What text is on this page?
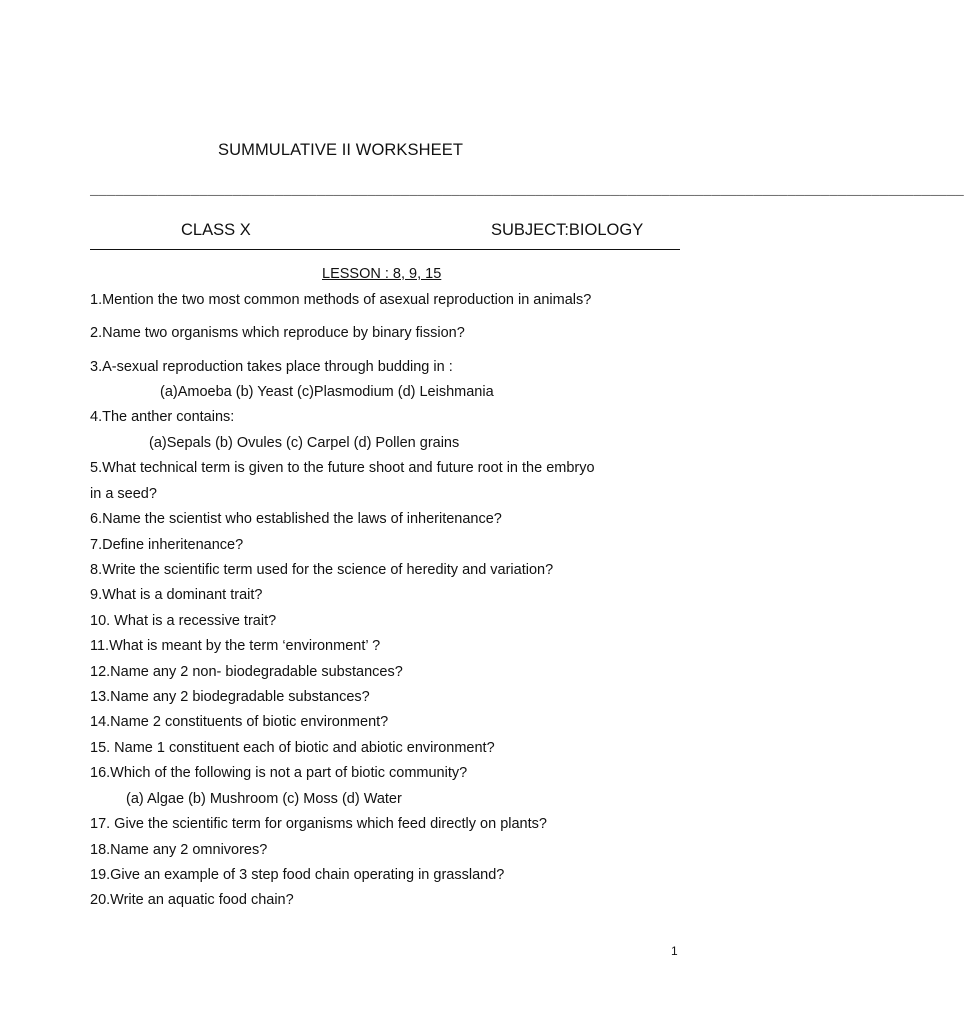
SUMMULATIVE II WORKSHEET
________________________________________________________________________________________________________
CLASS X	SUBJECT:BIOLOGY
LESSON : 8, 9, 15
1.Mention the two most common methods of asexual reproduction in animals?
2.Name two organisms which reproduce by binary fission?
3.A-sexual reproduction takes place through budding in :
(a)Amoeba (b) Yeast (c)Plasmodium (d) Leishmania
4.The anther contains:
(a)Sepals (b) Ovules (c) Carpel (d) Pollen grains
5.What technical term is given to the future shoot and future root in the embryo
in a seed?
6.Name the scientist who established the laws of inheritenance?
7.Define inheritenance?
8.Write the scientific term used for the science of heredity and variation?
9.What is a dominant trait?
10. What is a recessive trait?
11.What is meant by the term ‘environment’ ?
12.Name any 2 non- biodegradable substances?
13.Name any 2 biodegradable substances?
14.Name 2 constituents of biotic environment?
15. Name 1 constituent each of biotic and abiotic environment?
16.Which of the following is not a part of biotic community?
(a) Algae (b) Mushroom (c) Moss (d) Water
17. Give the scientific term for organisms which feed directly on plants?
18.Name any 2 omnivores?
19.Give an example of 3 step food chain operating in grassland?
20.Write an aquatic food chain?
1
